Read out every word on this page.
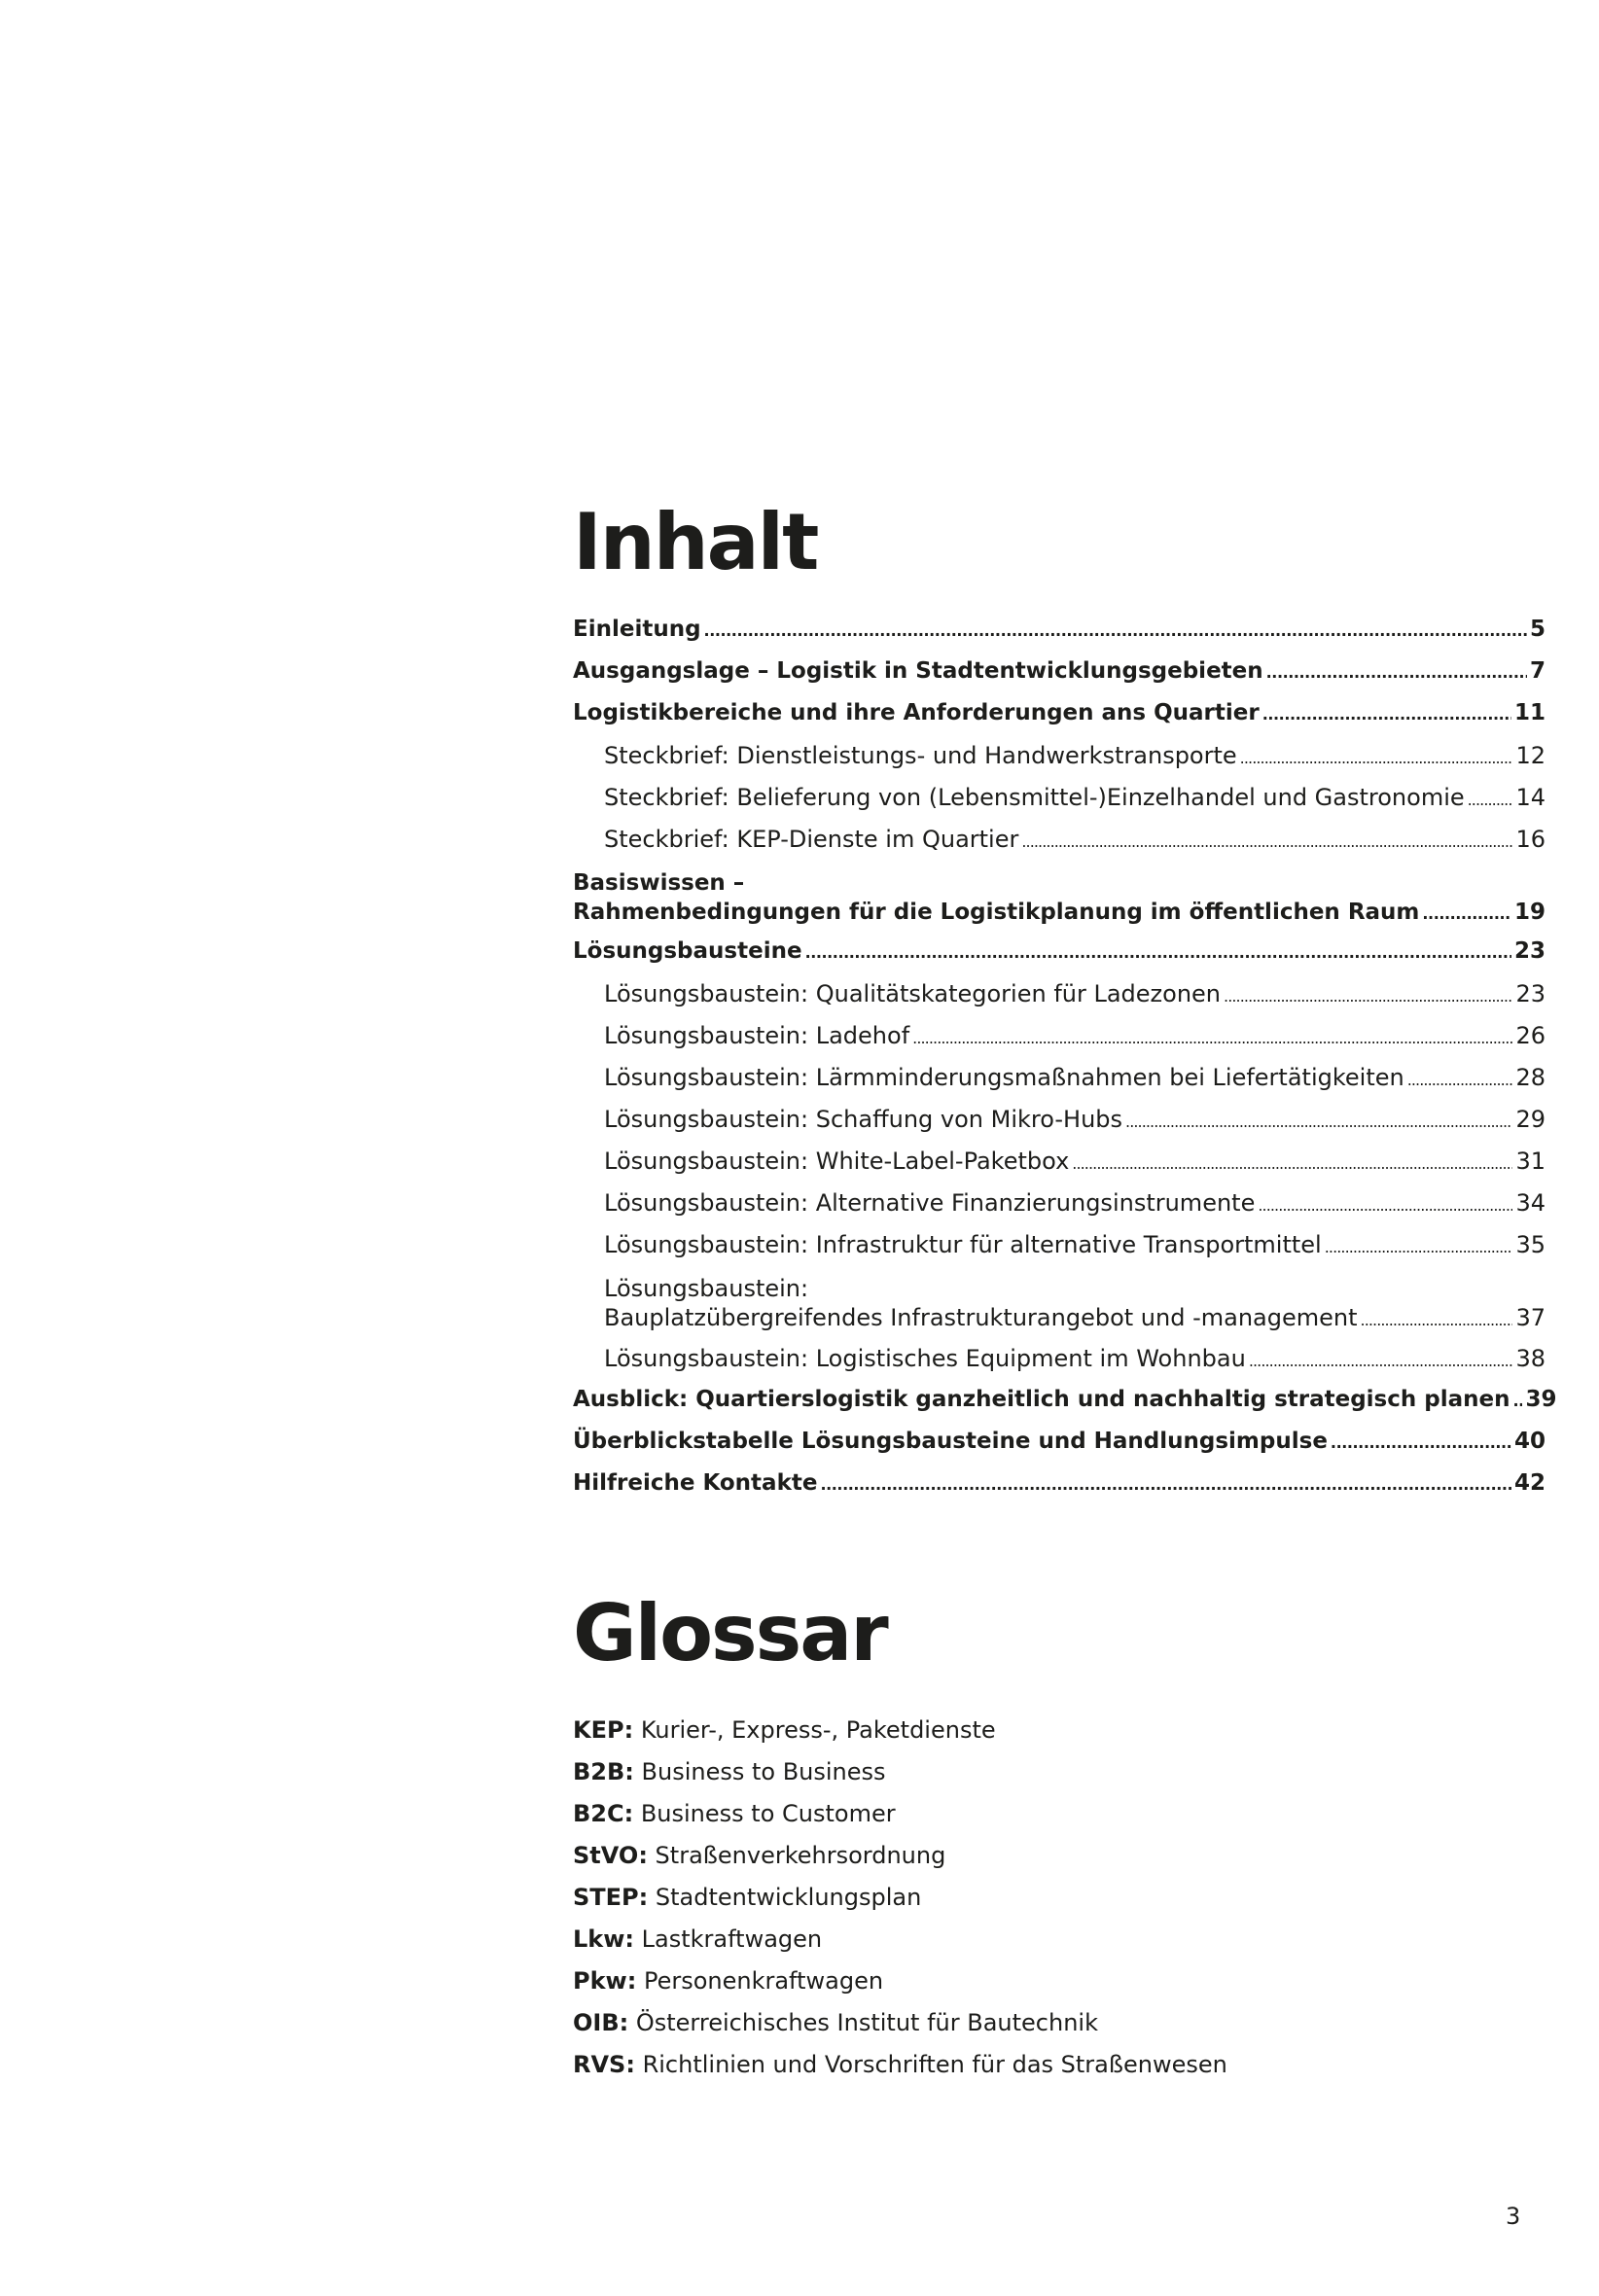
Inhalt
Einleitung . . .	5
Ausgangslage – Logistik in Stadtentwicklungsgebieten . . .	7
Logistikbereiche und ihre Anforderungen ans Quartier . . .	11
Steckbrief: Dienstleistungs- und Handwerkstransporte . . .	12
Steckbrief: Belieferung von (Lebensmittel-)Einzelhandel und Gastronomie . . . 14
Steckbrief: KEP-Dienste im Quartier . . .	16
Basiswissen –
Rahmenbedingungen für die Logistikplanung im öffentlichen Raum . . .	19
Lösungsbausteine . . .	23
Lösungsbaustein: Qualitätskategorien für Ladezonen . . .	23
Lösungsbaustein: Ladehof . . .	26
Lösungsbaustein: Lärmminderungsmaßnahmen bei Liefertätigkeiten . . .	28
Lösungsbaustein: Schaffung von Mikro-Hubs . . .	29
Lösungsbaustein: White-Label-Paketbox . . .	31
Lösungsbaustein: Alternative Finanzierungsinstrumente . . .	34
Lösungsbaustein: Infrastruktur für alternative Transportmittel . . .	35
Lösungsbaustein:
Bauplatzübergreifendes Infrastrukturangebot und -management . . .	37
Lösungsbaustein: Logistisches Equipment im Wohnbau . . .	38
Ausblick: Quartierslogistik ganzheitlich und nachhaltig strategisch planen . . . 39
Überblickstabelle Lösungsbausteine und Handlungsimpulse . . .	40
Hilfreiche Kontakte . . .	42
Glossar
KEP: Kurier-, Express-, Paketdienste
B2B: Business to Business
B2C: Business to Customer
StVO: Straßenverkehrsordnung
STEP: Stadtentwicklungsplan
Lkw: Lastkraftwagen
Pkw: Personenkraftwagen
OIB: Österreichisches Institut für Bautechnik
RVS: Richtlinien und Vorschriften für das Straßenwesen
3
